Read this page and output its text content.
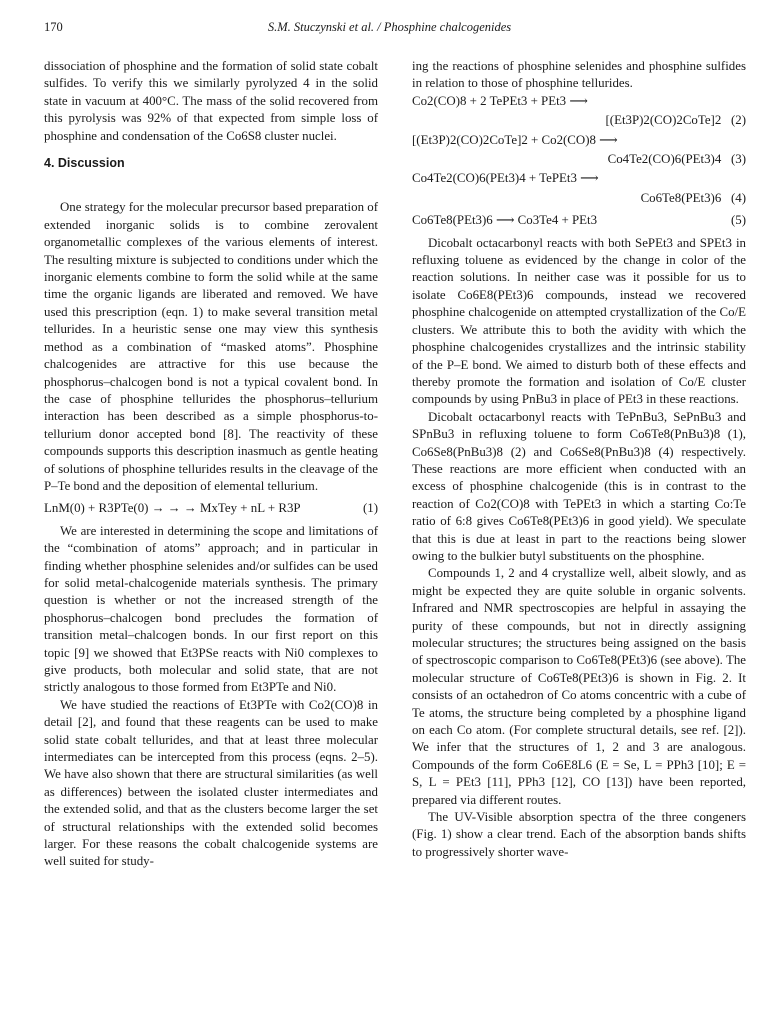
170	S.M. Stuczynski et al. / Phosphine chalcogenides

dissociation of phosphine and the formation of solid state cobalt sulfides. To verify this we similarly pyrolyzed 4 in the solid state in vacuum at 400°C. The mass of the solid recovered from this pyrolysis was 92% of that expected from simple loss of phosphine and condensation of the Co6S8 cluster nuclei.

4. Discussion

One strategy for the molecular precursor based preparation of extended inorganic solids is to combine zerovalent organometallic complexes of the various elements of interest. The resulting mixture is subjected to conditions under which the inorganic elements combine to form the solid while at the same time the organic ligands are liberated and removed. We have used this prescription (eqn. 1) to make several transition metal tellurides. In a heuristic sense one may view this synthesis method as a combination of “masked atoms”. Phosphine chalcogenides are attractive for this use because the phosphorus–chalcogen bond is not a typical covalent bond. In the case of phosphine tellurides the phosphorus–tellurium interaction has been described as a simple phosphorus-to-tellurium donor accepted bond [8]. The reactivity of these compounds supports this description inasmuch as gentle heating of solutions of phosphine tellurides results in the cleavage of the P–Te bond and the deposition of elemental tellurium.

LnM(0) + R3PTe(0) → → → MxTey + nL + R3P	(1)

We are interested in determining the scope and limitations of the “combination of atoms” approach; and in particular in finding whether phosphine selenides and/or sulfides can be used for solid metal-chalcogenide materials synthesis. The primary question is whether or not the increased strength of the phosphorus–chalcogen bond precludes the formation of transition metal–chalcogen bonds. In our first report on this topic [9] we showed that Et3PSe reacts with Ni0 complexes to give products, both molecular and solid state, that are not strictly analogous to those formed from Et3PTe and Ni0.

We have studied the reactions of Et3PTe with Co2(CO)8 in detail [2], and found that these reagents can be used to make solid state cobalt tellurides, and that at least three molecular intermediates can be intercepted from this process (eqns. 2–5). We have also shown that there are structural similarities (as well as differences) between the isolated cluster intermediates and the extended solid, and that as the clusters become larger the set of structural relationships with the extended solid becomes larger. For these reasons the cobalt chalcogenide systems are well suited for study-

ing the reactions of phosphine selenides and phosphine sulfides in relation to those of phosphine tellurides.

Co2(CO)8 + 2 TePEt3 + PEt3 ⟶
[(Et3P)2(CO)2CoTe]2 (2)
[(Et3P)2(CO)2CoTe]2 + Co2(CO)8 ⟶
Co4Te2(CO)6(PEt3)4 (3)
Co4Te2(CO)6(PEt3)4 + TePEt3 ⟶
Co6Te8(PEt3)6 (4)
Co6Te8(PEt3)6 ⟶ Co3Te4 + PEt3	(5)

Dicobalt octacarbonyl reacts with both SePEt3 and SPEt3 in refluxing toluene as evidenced by the change in color of the reaction solutions. In neither case was it possible for us to isolate Co6E8(PEt3)6 compounds, instead we recovered phosphine chalcogenide on attempted crystallization of the Co/E clusters. We attribute this to both the avidity with which the phosphine chalcogenides crystallizes and the intrinsic stability of the P–E bond. We aimed to disturb both of these effects and thereby promote the formation and isolation of Co/E cluster compounds by using PnBu3 in place of PEt3 in these reactions.

Dicobalt octacarbonyl reacts with TePnBu3, SePnBu3 and SPnBu3 in refluxing toluene to form Co6Te8(PnBu3)8 (1), Co6Se8(PnBu3)8 (2) and Co6Se8(PnBu3)8 (4) respectively. These reactions are more efficient when conducted with an excess of phosphine chalcogenide (this is in contrast to the reaction of Co2(CO)8 with TePEt3 in which a starting Co:Te ratio of 6:8 gives Co6Te8(PEt3)6 in good yield). We speculate that this is due at least in part to the reactions being slower owing to the bulkier butyl substituents on the phosphine.

Compounds 1, 2 and 4 crystallize well, albeit slowly, and as might be expected they are quite soluble in organic solvents. Infrared and NMR spectroscopies are helpful in assaying the purity of these compounds, but not in directly assigning molecular structures; the structures being assigned on the basis of spectroscopic comparison to Co6Te8(PEt3)6 (see above). The molecular structure of Co6Te8(PEt3)6 is shown in Fig. 2. It consists of an octahedron of Co atoms concentric with a cube of Te atoms, the structure being completed by a phosphine ligand on each Co atom. (For complete structural details, see ref. [2]). We infer that the structures of 1, 2 and 3 are analogous. Compounds of the form Co6E8L6 (E = Se, L = PPh3 [10]; E = S, L = PEt3 [11], PPh3 [12], CO [13]) have been reported, prepared via different routes.

The UV-Visible absorption spectra of the three congeners (Fig. 1) show a clear trend. Each of the absorption bands shifts to progressively shorter wave-
